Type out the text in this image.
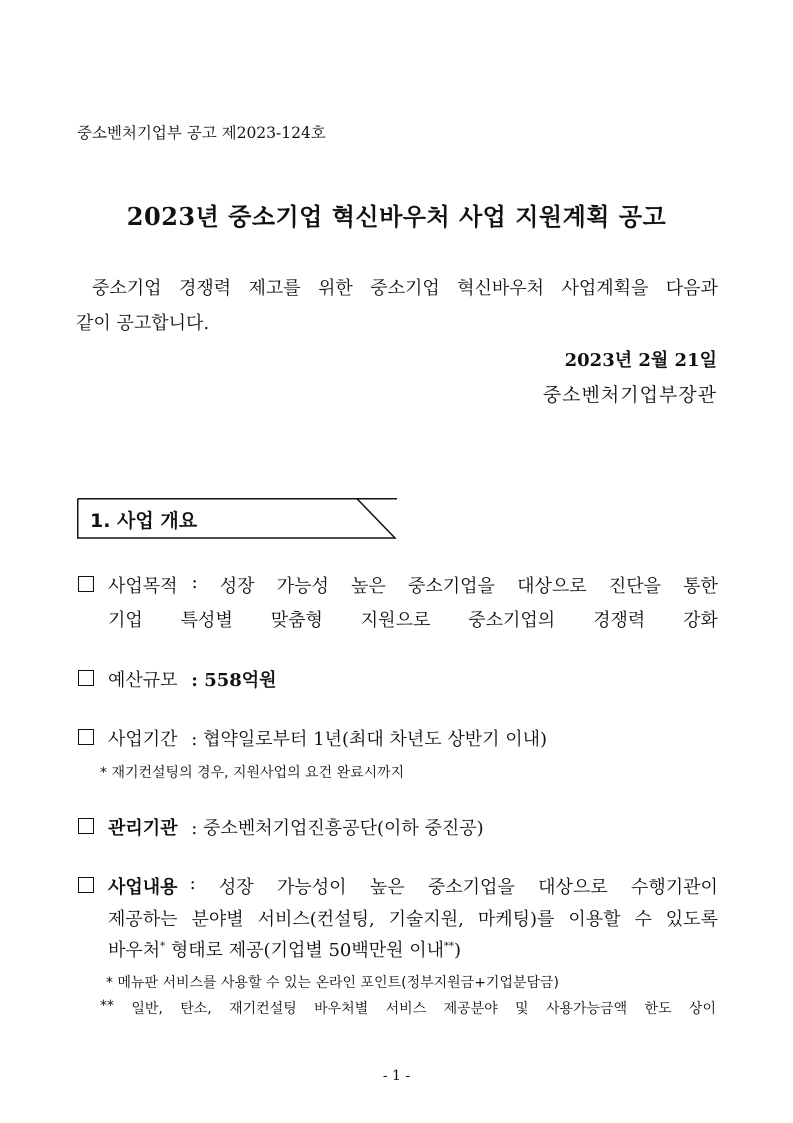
중소벤처기업부 공고 제2023-124호
2023년 중소기업 혁신바우처 사업 지원계획 공고
중소기업 경쟁력 제고를 위한 중소기업 혁신바우처 사업계획을 다음과
같이 공고합니다.
2023년 2월 21일
중소벤처기업부장관
1. 사업 개요
사업목적 : 성장 가능성 높은 중소기업을 대상으로 진단을 통한
기업 특성별 맞춤형 지원으로 중소기업의 경쟁력 강화
예산규모 : 558억원
사업기간 : 협약일로부터 1년(최대 차년도 상반기 이내)
* 재기컨설팅의 경우, 지원사업의 요건 완료시까지
관리기관 : 중소벤처기업진흥공단(이하 중진공)
사업내용 : 성장 가능성이 높은 중소기업을 대상으로 수행기관이
제공하는 분야별 서비스(컨설팅, 기술지원, 마케팅)를 이용할 수 있도록
바우처* 형태로 제공(기업별 50백만원 이내**)
* 메뉴판 서비스를 사용할 수 있는 온라인 포인트(정부지원금+기업분담금)
** 일반, 탄소, 재기컨설팅 바우처별 서비스 제공분야 및 사용가능금액 한도 상이
- 1 -
